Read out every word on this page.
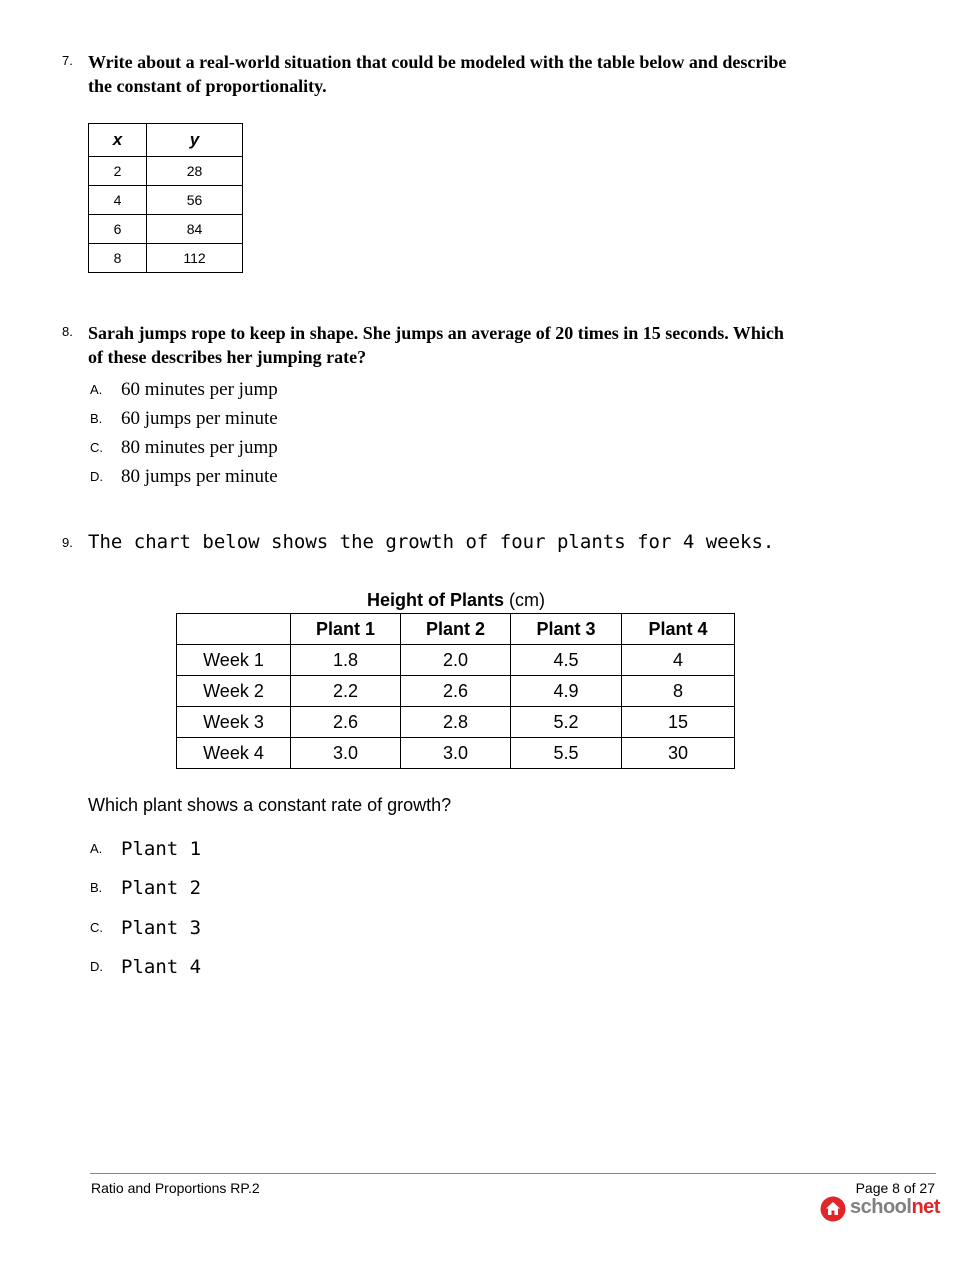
7. Write about a real-world situation that could be modeled with the table below and describe
the constant of proportionality.
x	y
2	28
4	56
6	84
8	112
8. Sarah jumps rope to keep in shape. She jumps an average of 20 times in 15 seconds. Which
of these describes her jumping rate?
A. 60 minutes per jump
B. 60 jumps per minute
C. 80 minutes per jump
D. 80 jumps per minute
9. The chart below shows the growth of four plants for 4 weeks.
Height of Plants (cm)
	Plant 1	Plant 2	Plant 3	Plant 4
Week 1	1.8	2.0	4.5	4
Week 2	2.2	2.6	4.9	8
Week 3	2.6	2.8	5.2	15
Week 4	3.0	3.0	5.5	30
Which plant shows a constant rate of growth?
A. Plant 1
B. Plant 2
C. Plant 3
D. Plant 4
Ratio and Proportions RP.2	Page 8 of 27
schoolnet
